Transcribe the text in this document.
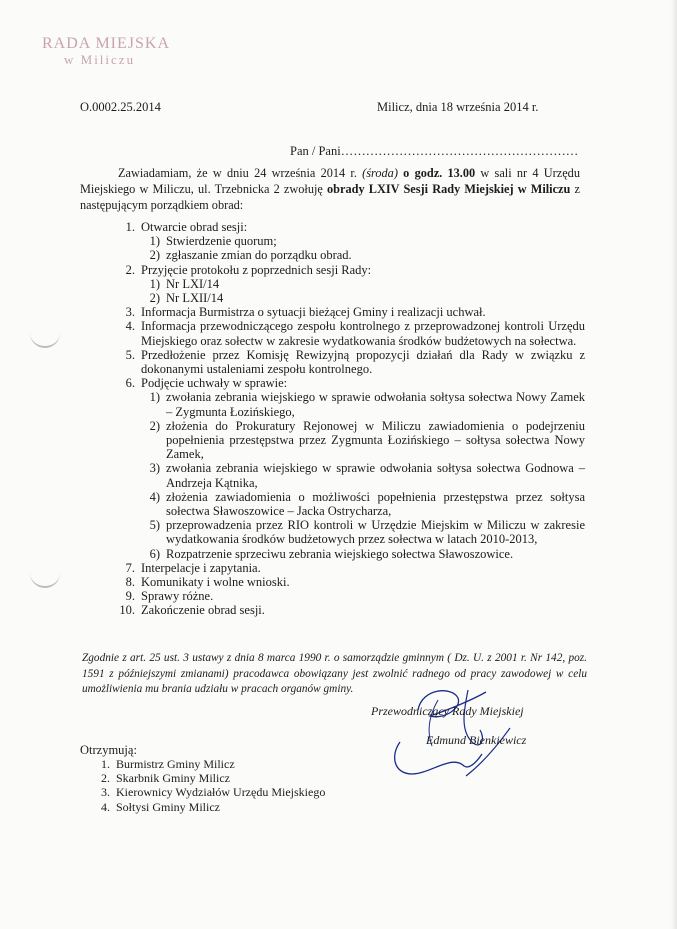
RADA MIEJSKA
w Miliczu
O.0002.25.2014	Milicz, dnia 18 września 2014 r.
Pan / Pani…………………………………………………

Zawiadamiam, że w dniu 24 września 2014 r. (środa) o godz. 13.00 w sali nr 4 Urzędu Miejskiego w Miliczu, ul. Trzebnicka 2 zwołuję obrady LXIV Sesji Rady Miejskiej w Miliczu z następującym porządkiem obrad:

1. Otwarcie obrad sesji:
1) Stwierdzenie quorum;
2) zgłaszanie zmian do porządku obrad.
2. Przyjęcie protokołu z poprzednich sesji Rady:
1) Nr LXI/14
2) Nr LXII/14
3. Informacja Burmistrza o sytuacji bieżącej Gminy i realizacji uchwał.
4. Informacja przewodniczącego zespołu kontrolnego z przeprowadzonej kontroli Urzędu Miejskiego oraz sołectw w zakresie wydatkowania środków budżetowych na sołectwa.
5. Przedłożenie przez Komisję Rewizyjną propozycji działań dla Rady w związku z dokonanymi ustaleniami zespołu kontrolnego.
6. Podjęcie uchwały w sprawie:
1) zwołania zebrania wiejskiego w sprawie odwołania sołtysa sołectwa Nowy Zamek – Zygmunta Łozińskiego,
2) złożenia do Prokuratury Rejonowej w Miliczu zawiadomienia o podejrzeniu popełnienia przestępstwa przez Zygmunta Łozińskiego – sołtysa sołectwa Nowy Zamek,
3) zwołania zebrania wiejskiego w sprawie odwołania sołtysa sołectwa Godnowa – Andrzeja Kątnika,
4) złożenia zawiadomienia o możliwości popełnienia przestępstwa przez sołtysa sołectwa Sławoszowice – Jacka Ostrycharza,
5) przeprowadzenia przez RIO kontroli w Urzędzie Miejskim w Miliczu w zakresie wydatkowania środków budżetowych przez sołectwa w latach 2010-2013,
6) Rozpatrzenie sprzeciwu zebrania wiejskiego sołectwa Sławoszowice.
7. Interpelacje i zapytania.
8. Komunikaty i wolne wnioski.
9. Sprawy różne.
10. Zakończenie obrad sesji.

Zgodnie z art. 25 ust. 3 ustawy z dnia 8 marca 1990 r. o samorządzie gminnym ( Dz. U. z 2001 r. Nr 142, poz. 1591 z późniejszymi zmianami) pracodawca obowiązany jest zwolnić radnego od pracy zawodowej w celu umożliwienia mu brania udziału w pracach organów gminy.

Przewodniczący Rady Miejskiej
Edmund Bienkiewicz
Otrzymują:
1. Burmistrz Gminy Milicz
2. Skarbnik Gminy Milicz
3. Kierownicy Wydziałów Urzędu Miejskiego
4. Sołtysi Gminy Milicz
